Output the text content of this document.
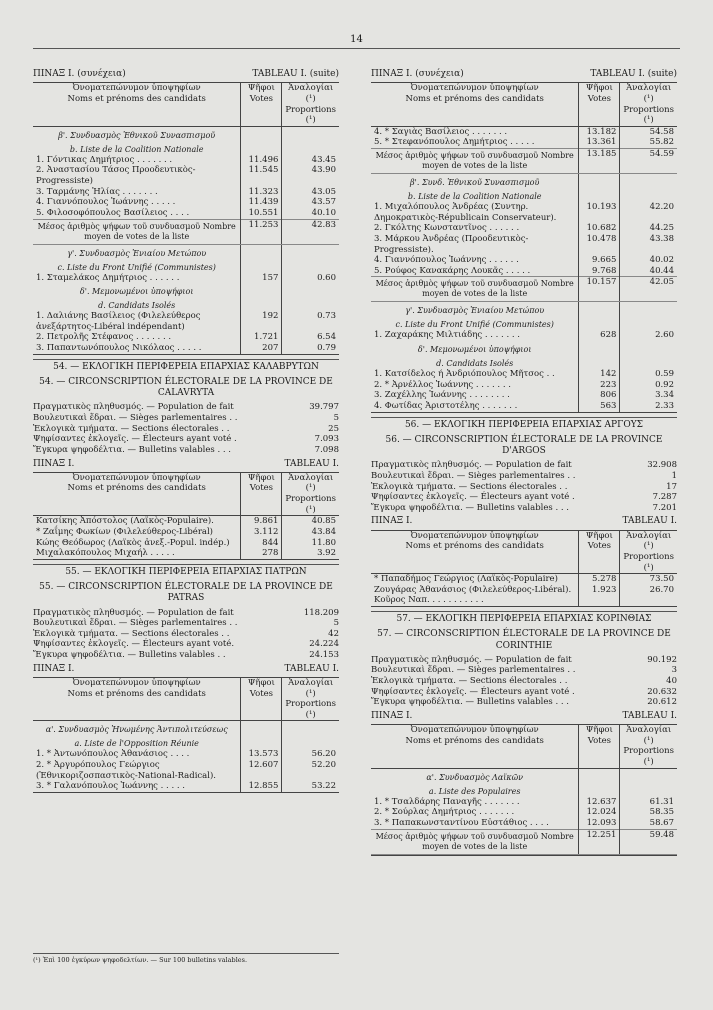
14
ΠΙΝΑΞ I. (συνέχεια)	TABLEAU I. (suite)
Ὀνοματεπώνυμον ὑποψηφίων
Noms et prénoms des candidats	Ψῆφοι Votes	Ἀναλογίαι (¹) Proportions (¹)
β'. Συνδυασμὸς Ἐθνικοῦ Συνασπισμοῦ		
b. Liste de la Coalition Nationale		
1. Γόντικας Δημήτριος . . . . . . .	11.496	43.45
2. Ἀναστασίου Τάσος Προοδευτικὸς-Progressiste)	11.545	43.90
3. Ταρμάνης Ἡλίας . . . . . . .	11.323	43.05
4. Γιαννόπουλος Ἰωάννης . . . . .	11.439	43.57
5. Φιλοσοφόπουλος Βασίλειος . . . .	10.551	40.10
Μέσος ἀριθμὸς ψήφων τοῦ συνδυασμοῦ Nombre moyen de votes de la liste	11.253	42.83
γ'. Συνδυασμὸς Ἑνιαίου Μετώπου		
c. Liste du Front Unifié (Communistes)		
1. Σταμελάκος Δημήτριος . . . . . .	157	0.60
δ'. Μεμονωμένοι ὑποψήφιοι		
d. Candidats Isolés		
1. Δαλιάνης Βασίλειος (Φιλελεύθερος ἀνεξάρτητος-Libéral indépendant)	192	0.73
2. Πετρολῆς Στέφανος . . . . . . .	1.721	6.54
3. Παπαντωνόπουλος Νικόλαος . . . . .	207	0.79
54. — ΕΚΛΟΓΙΚΗ ΠΕΡΙΦΕΡΕΙΑ ΕΠΑΡΧΙΑΣ ΚΑΛΑΒΡΥΤΩΝ
54. — CIRCONSCRIPTION ÉLECTORALE DE LA PROVINCE DE CALAVRYTA
Πραγματικὸς πληθυσμός. — Population de fait	39.797
Βουλευτικαὶ ἕδραι. — Sièges parlementaires . .	5
Ἐκλογικὰ τμήματα. — Sections électorales . .	25
Ψηφίσαντες ἐκλογεῖς. — Électeurs ayant voté .	7.093
Ἔγκυρα ψηφοδέλτια. — Bulletins valables . . .	7.098
ΠΙΝΑΞ I.	TABLEAU I.
Ὀνοματεπώνυμον ὑποψηφίων
Noms et prénoms des candidats	Ψῆφοι Votes	Ἀναλογίαι (¹) Proportions (¹)
Κατσίκης Ἀπόστολος (Λαϊκὸς-Populaire).	9.861	40.85
* Ζαΐμης Φωκίων (Φιλελεύθερος-Libéral)	3.112	43.84
Κώης Θεόδωρος (Λαϊκὸς ἀνεξ.-Popul. indép.)	844	11.80
Μιχαλακόπουλος Μιχαήλ . . . . .	278	3.92
55. — ΕΚΛΟΓΙΚΗ ΠΕΡΙΦΕΡΕΙΑ ΕΠΑΡΧΙΑΣ ΠΑΤΡΩΝ
55. — CIRCONSCRIPTION ÉLECTORALE DE LA PROVINCE DE PATRAS
Πραγματικὸς πληθυσμός. — Population de fait	118.209
Βουλευτικαὶ ἕδραι. — Sièges parlementaires . .	5
Ἐκλογικὰ τμήματα. — Sections électorales . .	42
Ψηφίσαντες ἐκλογεῖς. — Électeurs ayant voté.	24.224
Ἔγκυρα ψηφοδέλτια. — Bulletins valables . .	24.153
ΠΙΝΑΞ I.	TABLEAU I.
Ὀνοματεπώνυμον ὑποψηφίων
Noms et prénoms des candidats	Ψῆφοι Votes	Ἀναλογίαι (¹) Proportions (¹)
α'. Συνδυασμὸς Ἡνωμένης Ἀντιπολιτεύσεως		
a. Liste de l'Opposition Réunie		
1. * Ἀντωνόπουλος Ἀθανάσιος . . . .	13.573	56.20
2. * Ἀργυρόπουλος Γεώργιος (Ἐθνικοριζοσπαστικὸς-National-Radical).	12.607	52.20
3. * Γαλανόπουλος Ἰωάννης . . . . .	12.855	53.22
ΠΙΝΑΞ I. (συνέχεια)	TABLEAU I. (suite)
Ὀνοματεπώνυμον ὑποψηφίων
Noms et prénoms des candidats	Ψῆφοι Votes	Ἀναλογίαι (¹) Proportions (¹)
4. * Σαγιὰς Βασίλειος . . . . . . .	13.182	54.58
5. * Στεφανόπουλος Δημήτριος . . . . .	13.361	55.82
Μέσος ἀριθμὸς ψήφων τοῦ συνδυασμοῦ Nombre moyen de votes de la liste	13.185	54.59
β'. Συνδ. Ἐθνικοῦ Συνασπισμοῦ		
b. Liste de la Coalition Nationale		
1. Μιχαλόπουλος Ἀνδρέας (Συντηρ. Δημοκρατικὸς-Républicain Conservateur).	10.193	42.20
2. Γκόλτης Κωνσταντῖνος . . . . . .	10.682	44.25
3. Μάρκου Ἀνδρέας (Προοδευτικὸς-Progressiste).	10.478	43.38
4. Γιαννόπουλος Ἰωάννης . . . . . .	9.665	40.02
5. Ρούφος Κανακάρης Λουκᾶς . . . . .	9.768	40.44
Μέσος ἀριθμὸς ψήφων τοῦ συνδυασμοῦ Nombre moyen de votes de la liste	10.157	42.05
γ'. Συνδυασμὸς Ἑνιαίου Μετώπου		
c. Liste du Front Unifié (Communistes)		
1. Ζαχαράκης Μιλτιάδης . . . . . . .	628	2.60
δ'. Μεμονωμένοι ὑποψήφιοι		
d. Candidats Isolés		
1. Κατσίδελος ή Ἀνδριόπουλος Μῆτσος . .	142	0.59
2. * Ἀρνέλλος Ἰωάννης . . . . . . .	223	0.92
3. Ζαχέλλης Ἰωάννης . . . . . . . .	806	3.34
4. Φωτίδας Ἀριστοτέλης . . . . . . .	563	2.33
56. — ΕΚΛΟΓΙΚΗ ΠΕΡΙΦΕΡΕΙΑ ΕΠΑΡΧΙΑΣ ΑΡΓΟΥΣ
56. — CIRCONSCRIPTION ÉLECTORALE DE LA PROVINCE D'ARGOS
Πραγματικὸς πληθυσμός. — Population de fait	32.908
Βουλευτικαὶ ἕδραι. — Sièges parlementaires . .	1
Ἐκλογικὰ τμήματα. — Sections électorales . .	17
Ψηφίσαντες ἐκλογεῖς. — Électeurs ayant voté .	7.287
Ἔγκυρα ψηφοδέλτια. — Bulletins valables . . .	7.201
ΠΙΝΑΞ I.	TABLEAU I.
Ὀνοματεπώνυμον ὑποψηφίων
Noms et prénoms des candidats	Ψῆφοι Votes	Ἀναλογίαι (¹) Proportions (¹)
* Παπαδήμος Γεώργιος (Λαϊκὸς-Populaire)	5.278	73.50
Ζουγάρας Ἀθανάσιος (Φιλελεύθερος-Libéral).	1.923	26.70
Κοῦρος Ναπ. . . . . . . . . . .		
57. — ΕΚΛΟΓΙΚΗ ΠΕΡΙΦΕΡΕΙΑ ΕΠΑΡΧΙΑΣ ΚΟΡΙΝΘΙΑΣ
57. — CIRCONSCRIPTION ÉLECTORALE DE LA PROVINCE DE CORINTHIE
Πραγματικὸς πληθυσμός. — Population de fait	90.192
Βουλευτικαὶ ἕδραι. — Sièges parlementaires . .	3
Ἐκλογικὰ τμήματα. — Sections électorales . .	40
Ψηφίσαντες ἐκλογεῖς. — Électeurs ayant voté .	20.632
Ἔγκυρα ψηφοδέλτια. — Bulletins valables . . .	20.612
ΠΙΝΑΞ I.	TABLEAU I.
Ὀνοματεπώνυμον ὑποψηφίων
Noms et prénoms des candidats	Ψῆφοι Votes	Ἀναλογίαι (¹) Proportions (¹)
α'. Συνδυασμὸς Λαϊκῶν		
a. Liste des Populaires		
1. * Τσαλδάρης Παναγῆς . . . . . . .	12.637	61.31
2. * Σούρλας Δημήτριος . . . . . . .	12.024	58.35
3. * Παπακωνσταντίνου Εὐστάθιος . . . .	12.093	58.67
Μέσος ἀριθμὸς ψήφων τοῦ συνδυασμοῦ Nombre moyen de votes de la liste	12.251	59.48
(¹) Ἐπὶ 100 ἐγκύρων ψηφοδελτίων. — Sur 100 bulletins valables.
